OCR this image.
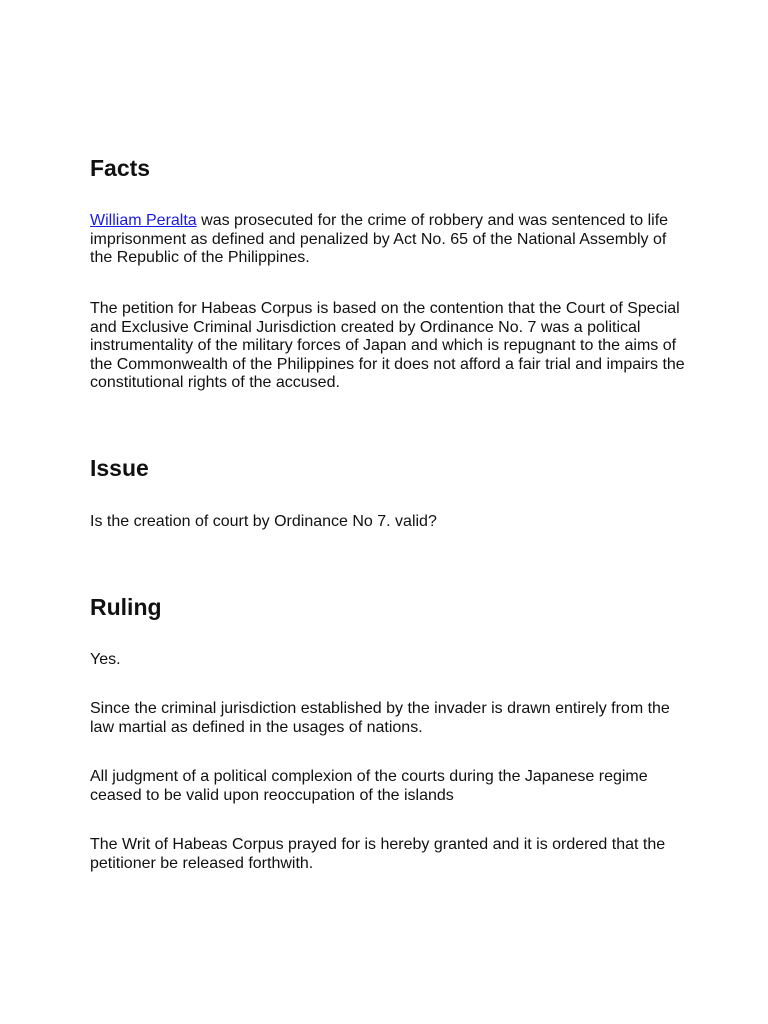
Facts

William Peralta was prosecuted for the crime of robbery and was sentenced to life imprisonment as defined and penalized by Act No. 65 of the National Assembly of the Republic of the Philippines.

The petition for Habeas Corpus is based on the contention that the Court of Special and Exclusive Criminal Jurisdiction created by Ordinance No. 7 was a political instrumentality of the military forces of Japan and which is repugnant to the aims of the Commonwealth of the Philippines for it does not afford a fair trial and impairs the constitutional rights of the accused.

Issue

Is the creation of court by Ordinance No 7. valid?

Ruling

Yes.

Since the criminal jurisdiction established by the invader is drawn entirely from the law martial as defined in the usages of nations.

All judgment of a political complexion of the courts during the Japanese regime ceased to be valid upon reoccupation of the islands

The Writ of Habeas Corpus prayed for is hereby granted and it is ordered that the petitioner be released forthwith.
